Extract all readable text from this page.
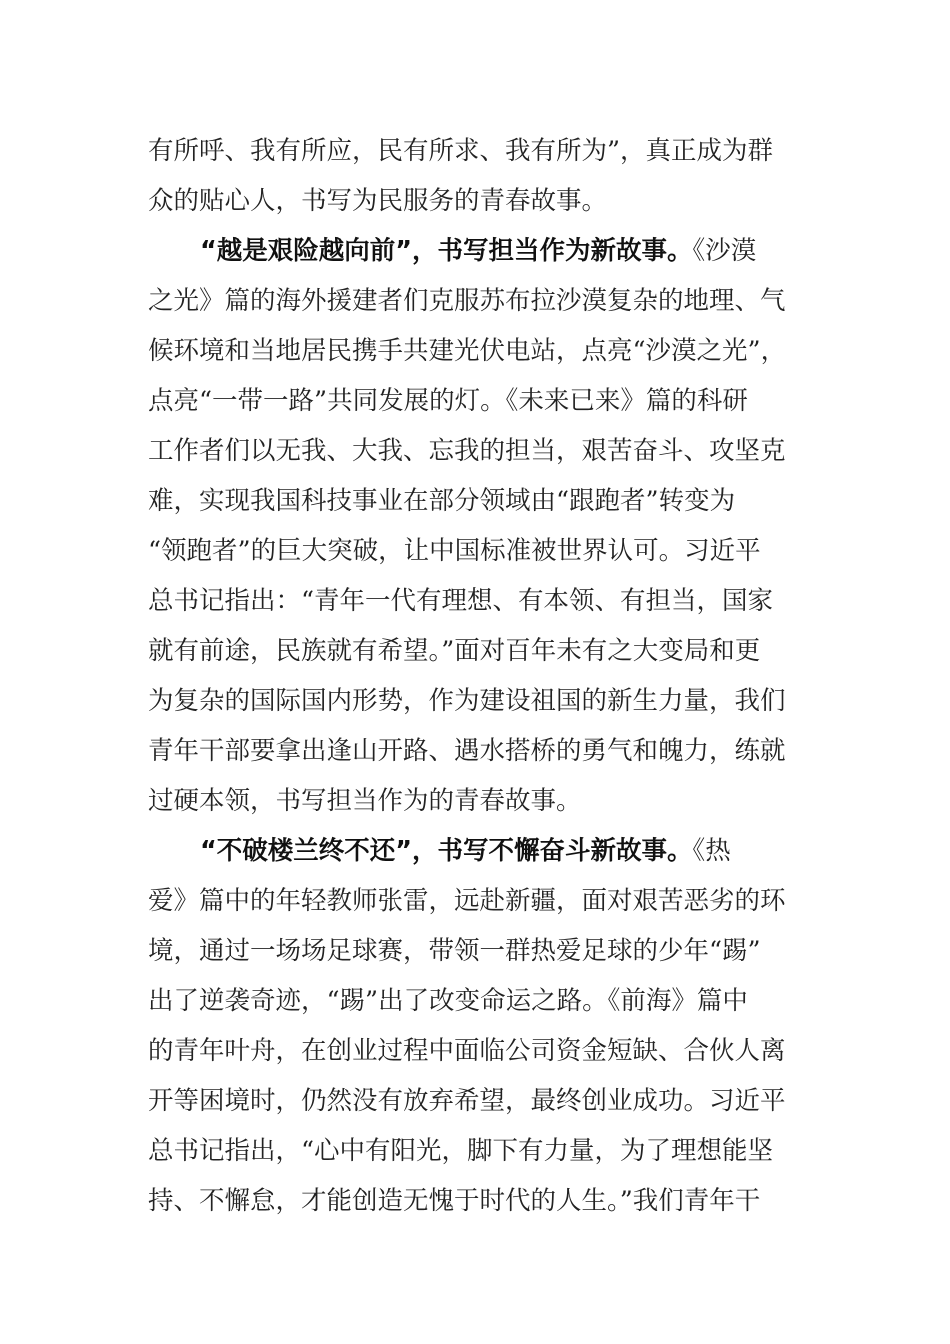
有所呼、我有所应，民有所求、我有所为”，真正成为群
众的贴心人，书写为民服务的青春故事。
“越是艰险越向前”，书写担当作为新故事。《沙漠
之光》篇的海外援建者们克服苏布拉沙漠复杂的地理、气
候环境和当地居民携手共建光伏电站，点亮“沙漠之光”，
点亮“一带一路”共同发展的灯。《未来已来》篇的科研
工作者们以无我、大我、忘我的担当，艰苦奋斗、攻坚克
难，实现我国科技事业在部分领域由“跟跑者”转变为
“领跑者”的巨大突破，让中国标准被世界认可。习近平
总书记指出：“青年一代有理想、有本领、有担当，国家
就有前途，民族就有希望。”面对百年未有之大变局和更
为复杂的国际国内形势，作为建设祖国的新生力量，我们
青年干部要拿出逢山开路、遇水搭桥的勇气和魄力，练就
过硬本领，书写担当作为的青春故事。
“不破楼兰终不还”，书写不懈奋斗新故事。《热
爱》篇中的年轻教师张雷，远赴新疆，面对艰苦恶劣的环
境，通过一场场足球赛，带领一群热爱足球的少年“踢”
出了逆袭奇迹，“踢”出了改变命运之路。《前海》篇中
的青年叶舟，在创业过程中面临公司资金短缺、合伙人离
开等困境时，仍然没有放弃希望，最终创业成功。习近平
总书记指出，“心中有阳光，脚下有力量，为了理想能坚
持、不懈怠，才能创造无愧于时代的人生。”我们青年干
